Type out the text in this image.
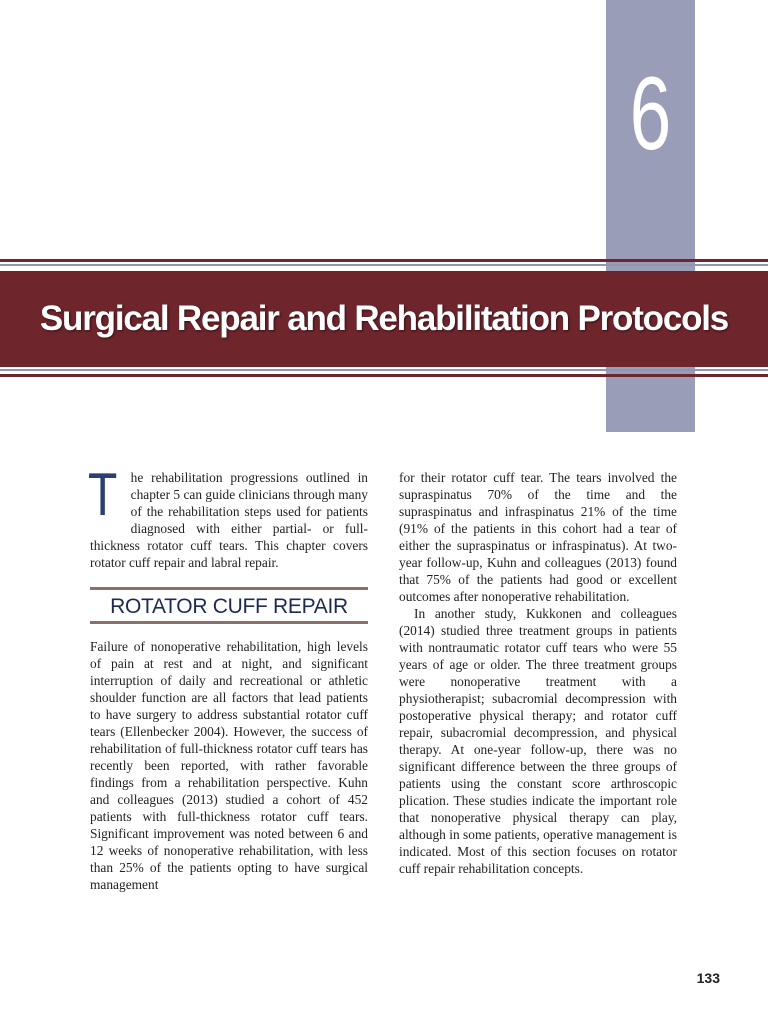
6
Surgical Repair and Rehabilitation Protocols

The rehabilitation progressions outlined in chapter 5 can guide clinicians through many of the rehabilitation steps used for patients diagnosed with either partial- or full-thickness rotator cuff tears. This chapter covers rotator cuff repair and labral repair.

ROTATOR CUFF REPAIR

Failure of nonoperative rehabilitation, high levels of pain at rest and at night, and significant interruption of daily and recreational or athletic shoulder function are all factors that lead patients to have surgery to address substantial rotator cuff tears (Ellenbecker 2004). However, the success of rehabilitation of full-thickness rotator cuff tears has recently been reported, with rather favorable findings from a rehabilitation perspective. Kuhn and colleagues (2013) studied a cohort of 452 patients with full-thickness rotator cuff tears. Significant improvement was noted between 6 and 12 weeks of nonoperative rehabilitation, with less than 25% of the patients opting to have surgical management

for their rotator cuff tear. The tears involved the supraspinatus 70% of the time and the supraspinatus and infraspinatus 21% of the time (91% of the patients in this cohort had a tear of either the supraspinatus or infraspinatus). At two-year follow-up, Kuhn and colleagues (2013) found that 75% of the patients had good or excellent outcomes after nonoperative rehabilitation.

In another study, Kukkonen and colleagues (2014) studied three treatment groups in patients with nontraumatic rotator cuff tears who were 55 years of age or older. The three treatment groups were nonoperative treatment with a physiotherapist; subacromial decompression with postoperative physical therapy; and rotator cuff repair, subacromial decompression, and physical therapy. At one-year follow-up, there was no significant difference between the three groups of patients using the constant score arthroscopic plication. These studies indicate the important role that nonoperative physical therapy can play, although in some patients, operative management is indicated. Most of this section focuses on rotator cuff repair rehabilitation concepts.

133
